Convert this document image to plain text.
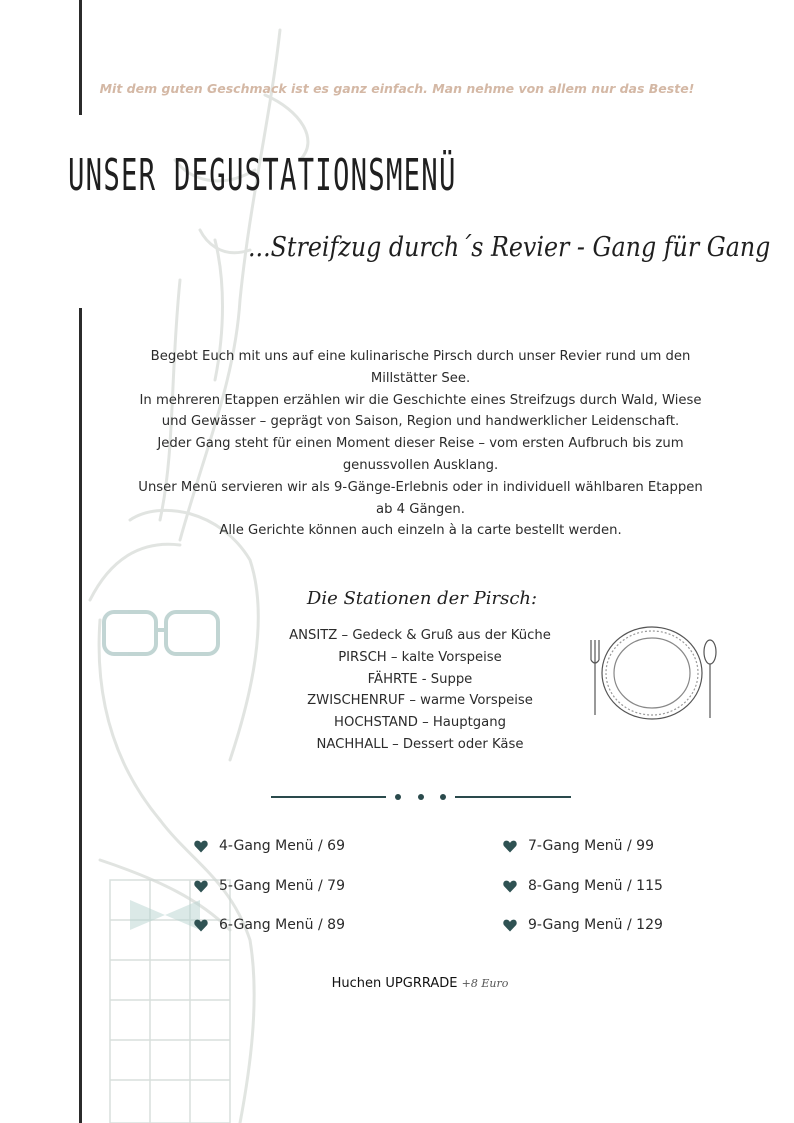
Mit dem guten Geschmack ist es ganz einfach. Man nehme von allem nur das Beste!
UNSER DEGUSTATIONSMENÜ
...Streifzug durch´s Revier - Gang für Gang

Begebt Euch mit uns auf eine kulinarische Pirsch durch unser Revier rund um den Millstätter See.

In mehreren Etappen erzählen wir die Geschichte eines Streifzugs durch Wald, Wiese und Gewässer – geprägt von Saison, Region und handwerklicher Leidenschaft.

Jeder Gang steht für einen Moment dieser Reise – vom ersten Aufbruch bis zum genussvollen Ausklang.

Unser Menü servieren wir als 9-Gänge-Erlebnis oder in individuell wählbaren Etappen ab 4 Gängen.

Alle Gerichte können auch einzeln à la carte bestellt werden.

Die Stationen der Pirsch:
ANSITZ – Gedeck & Gruß aus der Küche
PIRSCH – kalte Vorspeise
FÄHRTE - Suppe
ZWISCHENRUF – warme Vorspeise
HOCHSTAND – Hauptgang
NACHHALL – Dessert oder Käse
4-Gang Menü / 69
5-Gang Menü / 79
6-Gang Menü / 89
7-Gang Menü / 99
8-Gang Menü / 115
9-Gang Menü / 129
Huchen UPGRRADE +8 Euro
